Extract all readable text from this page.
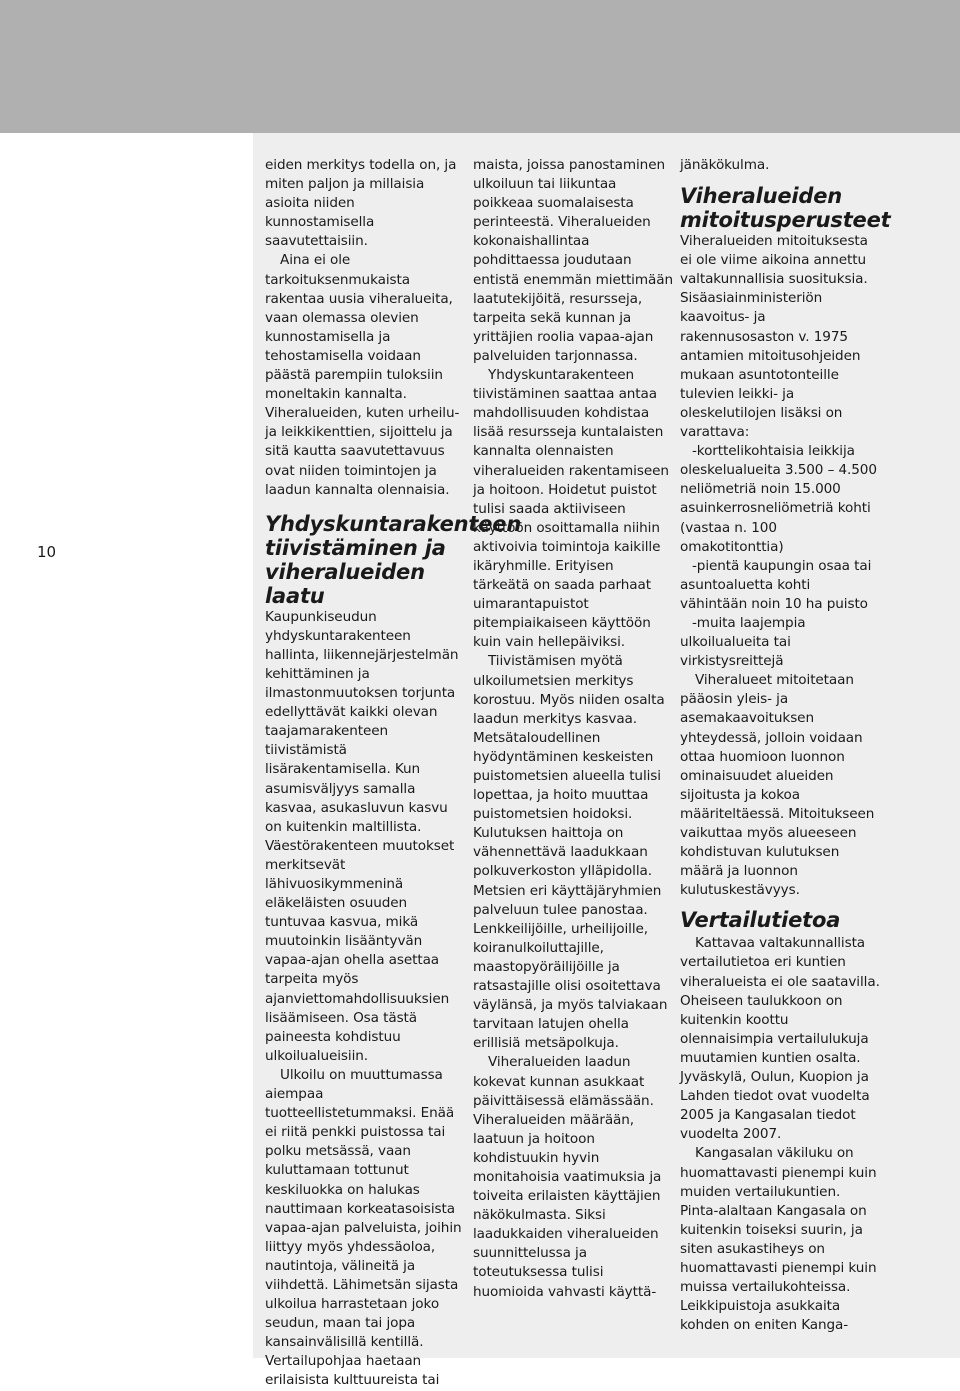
10

eiden merkitys todella on, ja miten paljon ja millaisia asioita niiden kunnostamisella saavutettaisiin.

Aina ei ole tarkoituksenmukaista rakentaa uusia viheralueita, vaan olemassa olevien kunnostamisella ja tehostamisella voidaan päästä parempiin tuloksiin moneltakin kannalta. Viheralueiden, kuten urheilu- ja leikkikenttien, sijoittelu ja sitä kautta saavutettavuus ovat niiden toimintojen ja laadun kannalta olennaisia.

Yhdyskuntarakenteen tiivistäminen ja viheralueiden laatu

Kaupunkiseudun yhdyskuntarakenteen hallinta, liikennejärjestelmän kehittäminen ja ilmastonmuutoksen torjunta edellyttävät kaikki olevan taajamarakenteen tiivistämistä lisärakentamisella. Kun asumisväljyys samalla kasvaa, asukasluvun kasvu on kuitenkin maltillista. Väestörakenteen muutokset merkitsevät lähivuosikymmeninä eläkeläisten osuuden tuntuvaa kasvua, mikä muutoinkin lisääntyvän vapaa-ajan ohella asettaa tarpeita myös ajanviettomahdollisuuksien lisäämiseen. Osa tästä paineesta kohdistuu ulkoilualueisiin.

Ulkoilu on muuttumassa aiempaa tuotteellistetummaksi. Enää ei riitä penkki puistossa tai polku metsässä, vaan kuluttamaan tottunut keskiluokka on halukas nauttimaan korkeatasoisista vapaa-ajan palveluista, joihin liittyy myös yhdessäoloa, nautintoja, välineitä ja viihdettä. Lähimetsän sijasta ulkoilua harrastetaan joko seudun, maan tai jopa kansainvälisillä kentillä. Vertailupohjaa haetaan erilaisista kulttuureista tai

maista, joissa panostaminen ulkoiluun tai liikuntaa poikkeaa suomalaisesta perinteestä. Viheralueiden kokonaishallintaa pohdittaessa joudutaan entistä enemmän miettimään laatutekijöitä, resursseja, tarpeita sekä kunnan ja yrittäjien roolia vapaa-ajan palveluiden tarjonnassa.

Yhdyskuntarakenteen tiivistäminen saattaa antaa mahdollisuuden kohdistaa lisää resursseja kuntalaisten kannalta olennaisten viheralueiden rakentamiseen ja hoitoon. Hoidetut puistot tulisi saada aktiiviseen käyttöön osoittamalla niihin aktivoivia toimintoja kaikille ikäryhmille. Erityisen tärkeätä on saada parhaat uimarantapuistot pitempiaikaiseen käyttöön kuin vain hellepäiviksi.

Tiivistämisen myötä ulkoilumetsien merkitys korostuu. Myös niiden osalta laadun merkitys kasvaa. Metsätaloudellinen hyödyntäminen keskeisten puistometsien alueella tulisi lopettaa, ja hoito muuttaa puistometsien hoidoksi. Kulutuksen haittoja on vähennettävä laadukkaan polkuverkoston ylläpidolla. Metsien eri käyttäjäryhmien palveluun tulee panostaa. Lenkkeilijöille, urheilijoille, koiranulkoiluttajille, maastopyöräilijöille ja ratsastajille olisi osoitettava väylänsä, ja myös talviakaan tarvitaan latujen ohella erillisiä metsäpolkuja.

Viheralueiden laadun kokevat kunnan asukkaat päivittäisessä elämässään. Viheralueiden määrään, laatuun ja hoitoon kohdistuukin hyvin monitahoisia vaatimuksia ja toiveita erilaisten käyttäjien näkökulmasta. Siksi laadukkaiden viheralueiden suunnittelussa ja toteutuksessa tulisi huomioida vahvasti käyttä-

jänäkökulma.

Viheralueiden mitoitusperusteet

Viheralueiden mitoituksesta ei ole viime aikoina annettu valtakunnallisia suosituksia. Sisäasiainministeriön kaavoitus- ja rakennusosaston v. 1975 antamien mitoitusohjeiden mukaan asuntotonteille tulevien leikki- ja oleskelutilojen lisäksi on varattava:

-korttelikohtaisia leikkija oleskelualueita 3.500 – 4.500 neliömetriä noin 15.000 asuinkerrosneliömetriä kohti (vastaa n. 100 omakotitonttia)

-pientä kaupungin osaa tai asuntoaluetta kohti vähintään noin 10 ha puisto

-muita laajempia ulkoilualueita tai virkistysreittejä

Viheralueet mitoitetaan pääosin yleis- ja asemakaavoituksen yhteydessä, jolloin voidaan ottaa huomioon luonnon ominaisuudet alueiden sijoitusta ja kokoa määriteltäessä. Mitoitukseen vaikuttaa myös alueeseen kohdistuvan kulutuksen määrä ja luonnon kulutuskestävyys.

Vertailutietoa

Kattavaa valtakunnallista vertailutietoa eri kuntien viheralueista ei ole saatavilla. Oheiseen taulukkoon on kuitenkin koottu olennaisimpia vertailulukuja muutamien kuntien osalta. Jyväskylä, Oulun, Kuopion ja Lahden tiedot ovat vuodelta 2005 ja Kangasalan tiedot vuodelta 2007.

Kangasalan väkiluku on huomattavasti pienempi kuin muiden vertailukuntien. Pinta-alaltaan Kangasala on kuitenkin toiseksi suurin, ja siten asukastiheys on huomattavasti pienempi kuin muissa vertailukohteissa. Leikkipuistoja asukkaita kohden on eniten Kanga-
